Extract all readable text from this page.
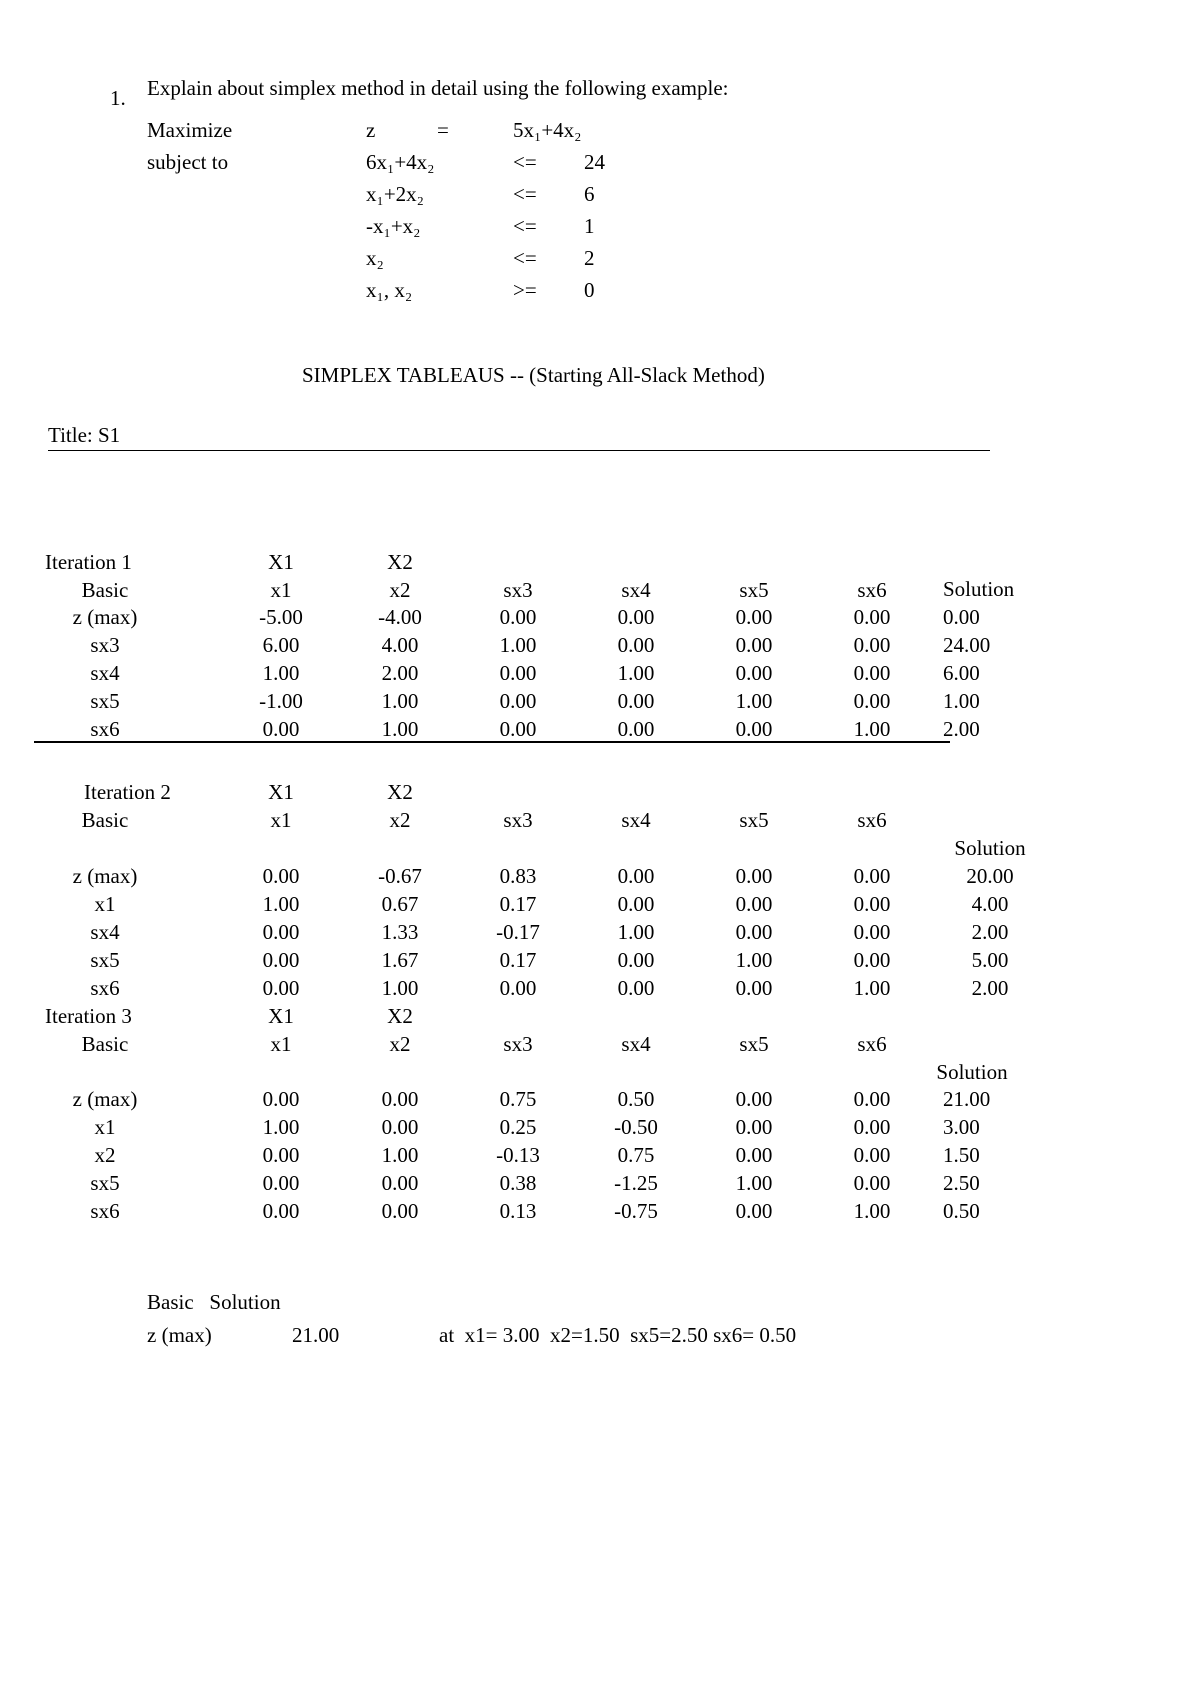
1. Explain about simplex method in detail using the following example:
Maximize	z	=	5x₁+4x₂
subject to	6x₁+4x₂	<= 24
x₁+2x₂	<= 6
-x₁+x₂	<= 1
x₂	<= 2
x₁, x₂	>= 0
SIMPLEX TABLEAUS -- (Starting All-Slack Method)
Title: S1
Iteration 1	X1	X2
Basic	x1	x2	sx3	sx4	sx5	sx6	Solution
z (max)	-5.00	-4.00	0.00	0.00	0.00	0.00	0.00
sx3	6.00	4.00	1.00	0.00	0.00	0.00	24.00
sx4	1.00	2.00	0.00	1.00	0.00	0.00	6.00
sx5	-1.00	1.00	0.00	0.00	1.00	0.00	1.00
sx6	0.00	1.00	0.00	0.00	0.00	1.00	2.00
Iteration 2	X1	X2
Basic	x1	x2	sx3	sx4	sx5	sx6
Solution
z (max)	0.00	-0.67	0.83	0.00	0.00	0.00	20.00
x1	1.00	0.67	0.17	0.00	0.00	0.00	4.00
sx4	0.00	1.33	-0.17	1.00	0.00	0.00	2.00
sx5	0.00	1.67	0.17	0.00	1.00	0.00	5.00
sx6	0.00	1.00	0.00	0.00	0.00	1.00	2.00
Iteration 3	X1	X2
Basic	x1	x2	sx3	sx4	sx5	sx6
Solution
z (max)	0.00	0.00	0.75	0.50	0.00	0.00	21.00
x1	1.00	0.00	0.25	-0.50	0.00	0.00	3.00
x2	0.00	1.00	-0.13	0.75	0.00	0.00	1.50
sx5	0.00	0.00	0.38	-1.25	1.00	0.00	2.50
sx6	0.00	0.00	0.13	-0.75	0.00	1.00	0.50
Basic   Solution
z (max)	21.00	at  x1= 3.00  x2=1.50  sx5=2.50 sx6= 0.50
